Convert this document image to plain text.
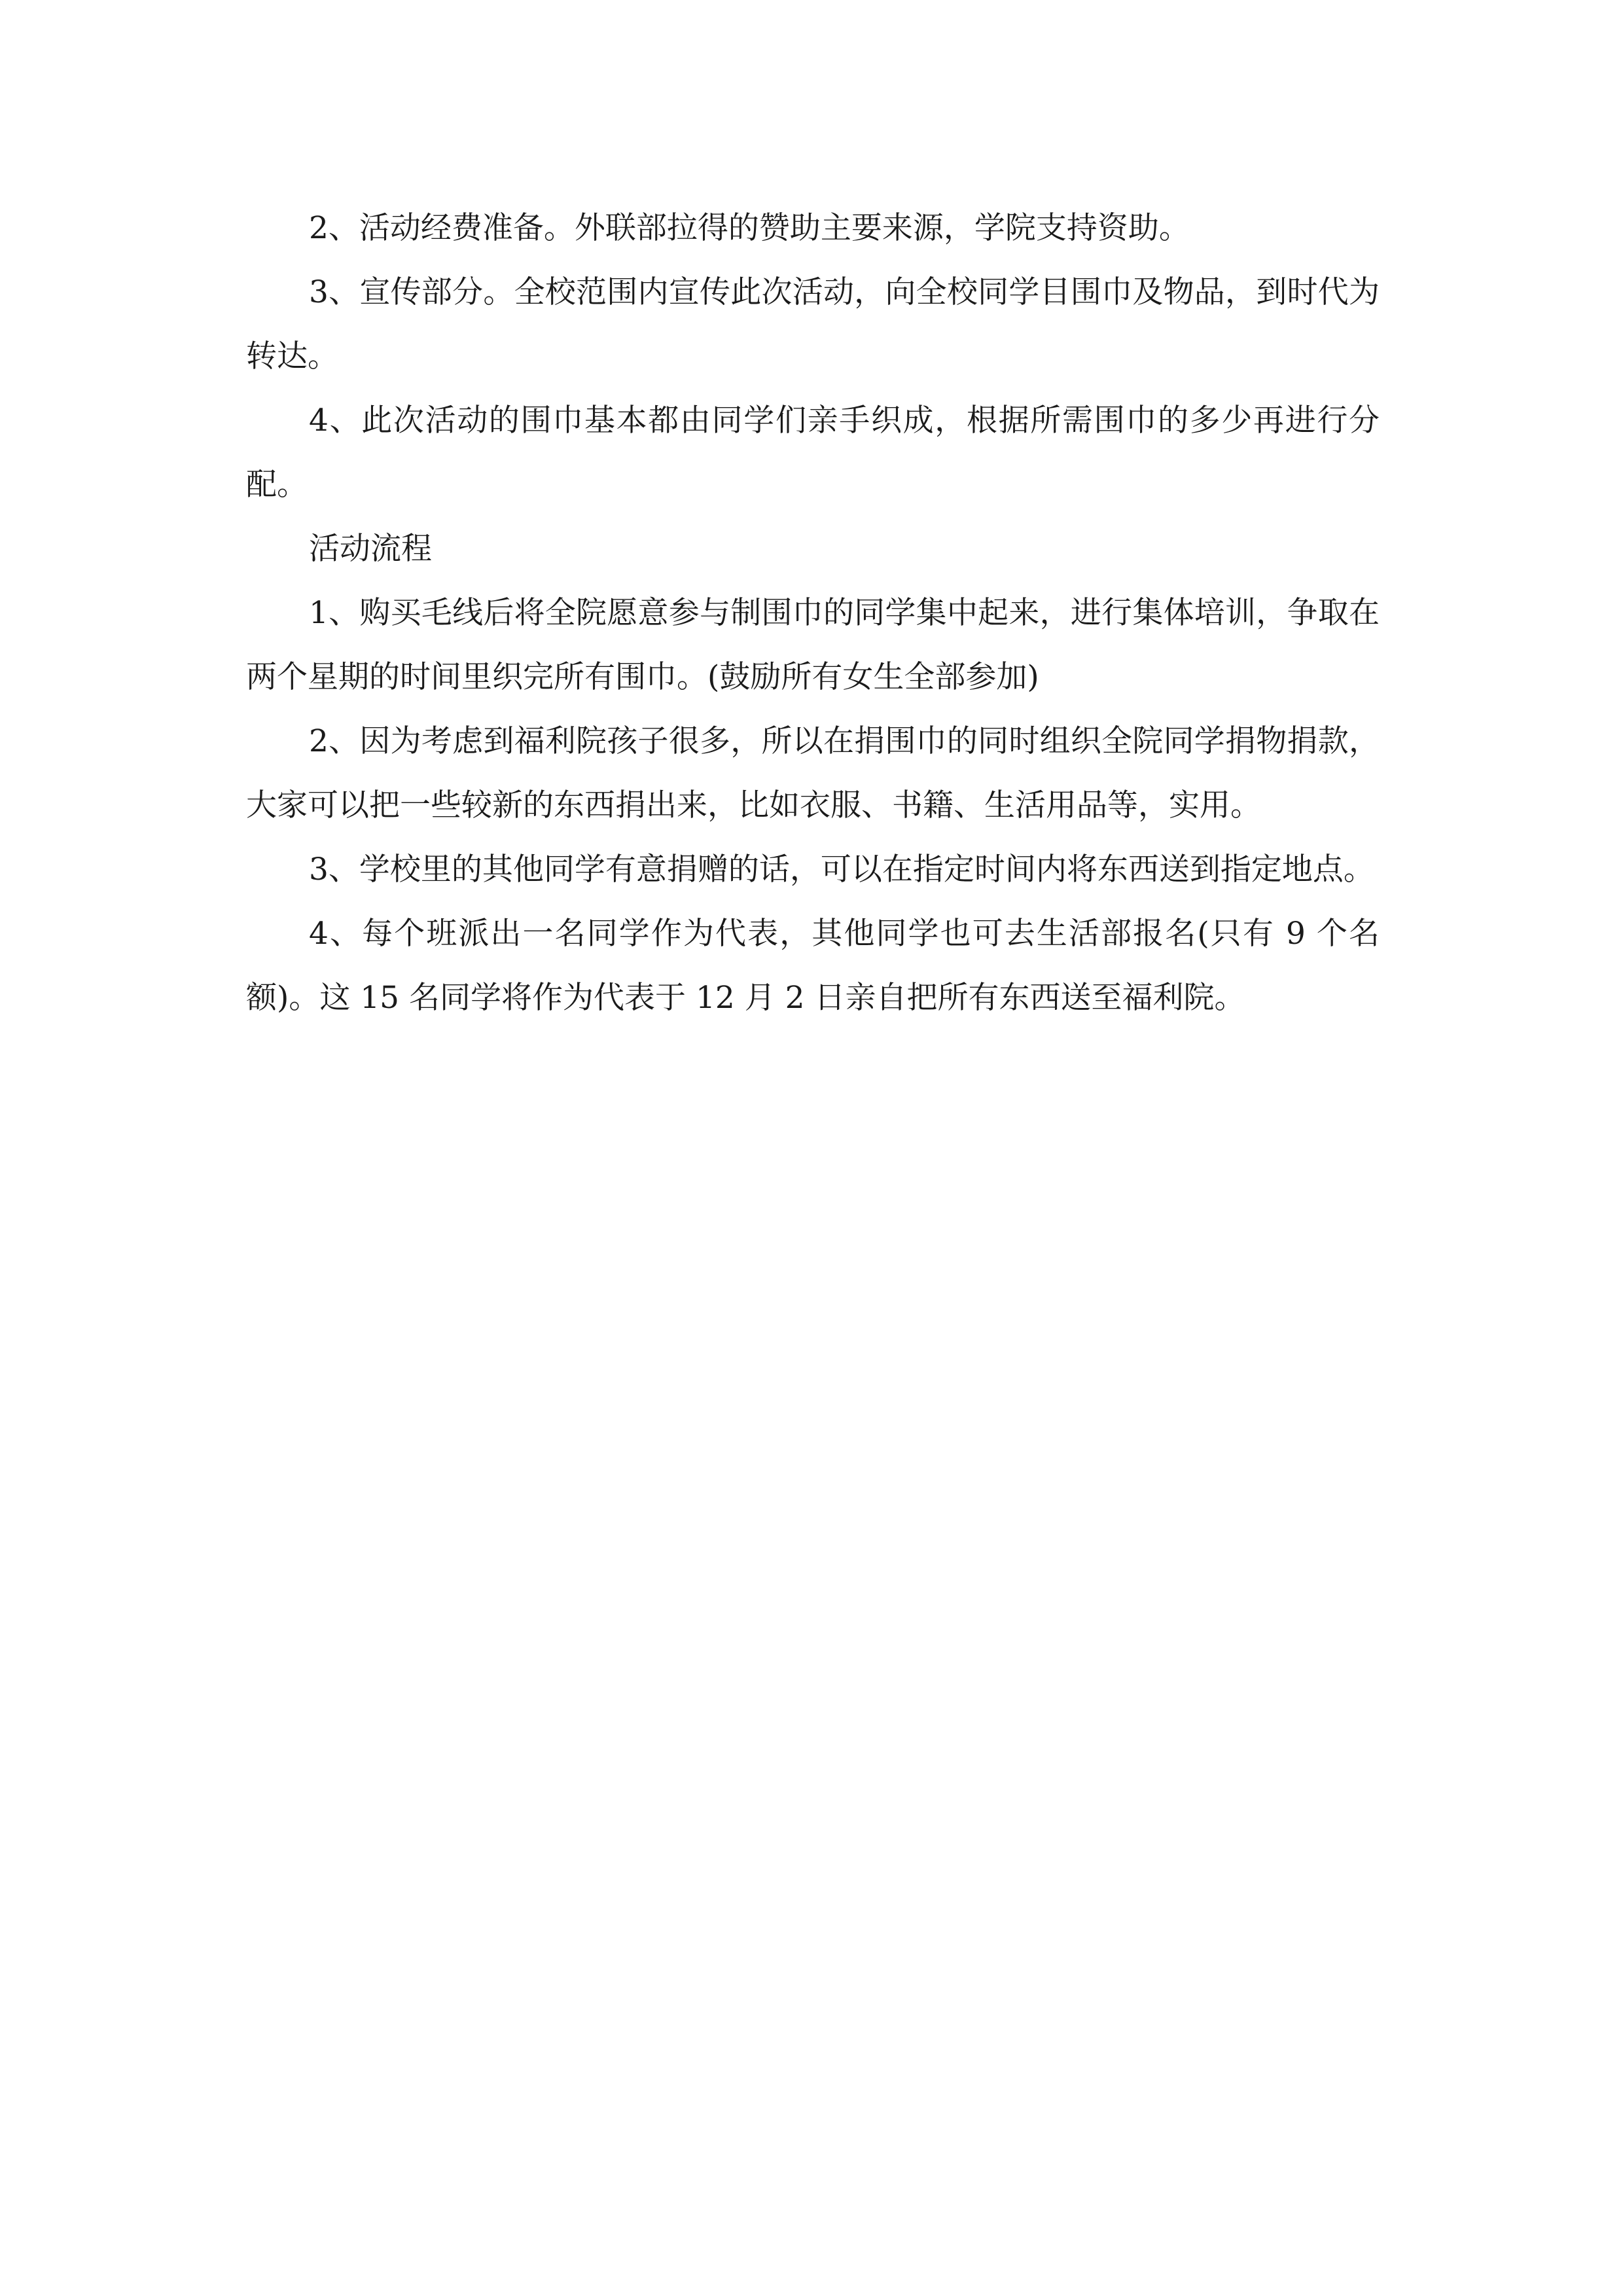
2、活动经费准备。外联部拉得的赞助主要来源，学院支持资助。

3、宣传部分。全校范围内宣传此次活动，向全校同学目围巾及物品，到时代为转达。

4、此次活动的围巾基本都由同学们亲手织成，根据所需围巾的多少再进行分配。

活动流程

1、购买毛线后将全院愿意参与制围巾的同学集中起来，进行集体培训，争取在两个星期的时间里织完所有围巾。(鼓励所有女生全部参加)

2、因为考虑到福利院孩子很多，所以在捐围巾的同时组织全院同学捐物捐款，大家可以把一些较新的东西捐出来，比如衣服、书籍、生活用品等，实用。

3、学校里的其他同学有意捐赠的话，可以在指定时间内将东西送到指定地点。

4、每个班派出一名同学作为代表，其他同学也可去生活部报名(只有 9 个名额)。这 15 名同学将作为代表于 12 月 2 日亲自把所有东西送至福利院。
